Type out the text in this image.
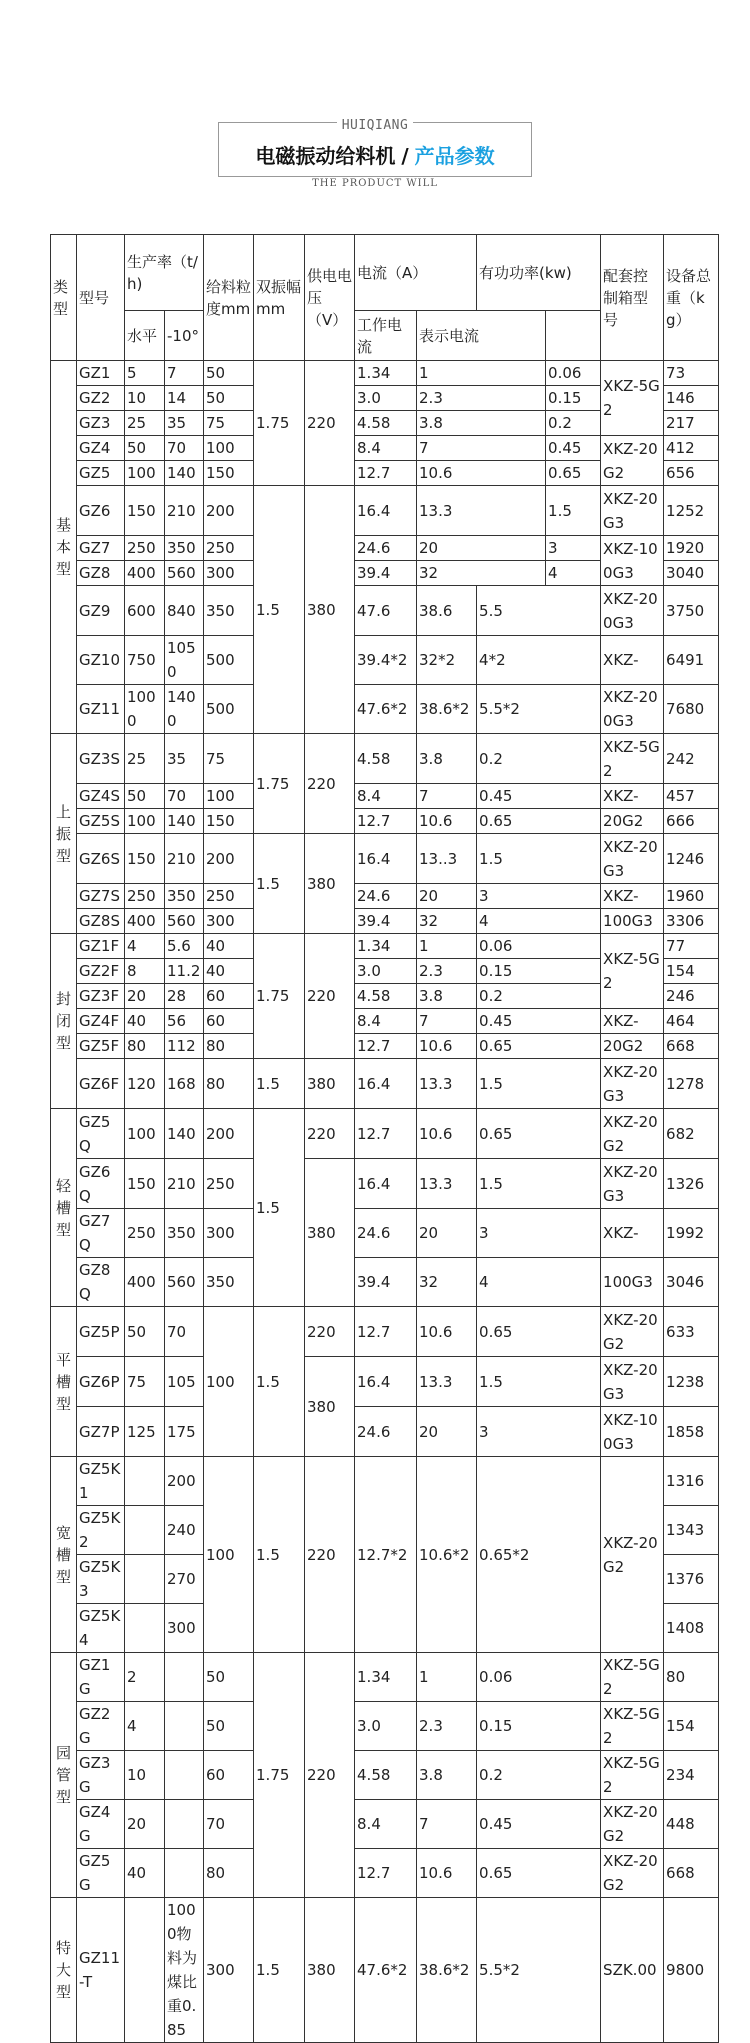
HUIQIANG
电磁振动给料机 / 产品参数
THE PRODUCT WILL
类型	型号	生产率（t/h)		给料粒度mm	双振幅mm	供电电压（V）	电流（A）		有功功率(kw)		配套控制箱型号	设备总重（kg）
		水平	-10°				工作电流	表示电流				
基本型	GZ1	5	7	50	1.75	220	1.34	1		0.06	XKZ-5G2	73
	GZ2	10	14	50			3.0	2.3		0.15		146
	GZ3	25	35	75			4.58	3.8		0.2		217
	GZ4	50	70	100			8.4	7		0.45	XKZ-20G2	412
	GZ5	100	140	150			12.7	10.6		0.65		656
	GZ6	150	210	200	1.5	380	16.4	13.3		1.5	XKZ-20G3	1252
	GZ7	250	350	250			24.6	20		3	XKZ-100G3	1920
	GZ8	400	560	300			39.4	32		4		3040
	GZ9	600	840	350			47.6	38.6	5.5		XKZ-200G3	3750
	GZ10	750	1050	500			39.4*2	32*2	4*2		XKZ-	6491
	GZ11	1000	1400	500			47.6*2	38.6*2	5.5*2		XKZ-200G3	7680
上振型	GZ3S	25	35	75	1.75	220	4.58	3.8	0.2		XKZ-5G2	242
	GZ4S	50	70	100			8.4	7	0.45		XKZ-	457
	GZ5S	100	140	150			12.7	10.6	0.65		20G2	666
	GZ6S	150	210	200	1.5	380	16.4	13..3	1.5		XKZ-20G3	1246
	GZ7S	250	350	250			24.6	20	3		XKZ-	1960
	GZ8S	400	560	300			39.4	32	4		100G3	3306
封闭型	GZ1F	4	5.6	40	1.75	220	1.34	1	0.06		XKZ-5G2	77
	GZ2F	8	11.2	40			3.0	2.3	0.15			154
	GZ3F	20	28	60			4.58	3.8	0.2			246
	GZ4F	40	56	60			8.4	7	0.45		XKZ-	464
	GZ5F	80	112	80			12.7	10.6	0.65		20G2	668
	GZ6F	120	168	80	1.5	380	16.4	13.3	1.5		XKZ-20G3	1278
轻槽型	GZ5Q	100	140	200	1.5	220	12.7	10.6	0.65		XKZ-20G2	682
	GZ6Q	150	210	250		380	16.4	13.3	1.5		XKZ-20G3	1326
	GZ7Q	250	350	300			24.6	20	3		XKZ-	1992
	GZ8Q	400	560	350			39.4	32	4		100G3	3046
平槽型	GZ5P	50	70	100	1.5	220	12.7	10.6	0.65		XKZ-20G2	633
	GZ6P	75	105			380	16.4	13.3	1.5		XKZ-20G3	1238
	GZ7P	125	175				24.6	20	3		XKZ-100G3	1858
宽槽型	GZ5K1		200	100	1.5	220	12.7*2	10.6*2	0.65*2		XKZ-20G2	1316
	GZ5K2		240									1343
	GZ5K3		270									1376
	GZ5K4		300									1408
园管型	GZ1G	2		50	1.75	220	1.34	1	0.06		XKZ-5G2	80
	GZ2G	4		50			3.0	2.3	0.15		XKZ-5G2	154
	GZ3G	10		60			4.58	3.8	0.2		XKZ-5G2	234
	GZ4G	20		70			8.4	7	0.45		XKZ-20G2	448
	GZ5G	40		80			12.7	10.6	0.65		XKZ-20G2	668
特大型	GZ11-T		1000物料为煤比重0.85	300	1.5	380	47.6*2	38.6*2	5.5*2		SZK.00	9800
